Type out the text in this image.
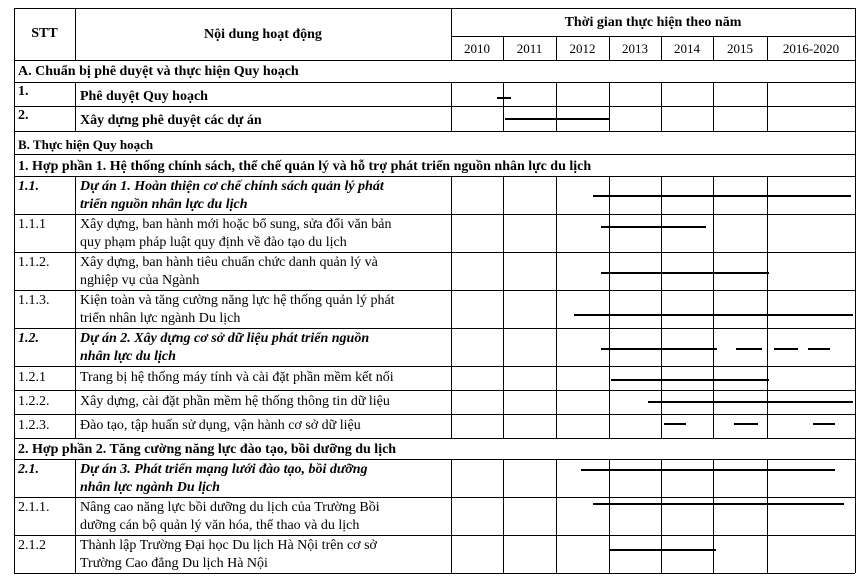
STT	Nội dung hoạt động
Thời gian thực hiện theo năm
2010	2011	2012	2013	2014	2015	2016-2020
A. Chuẩn bị phê duyệt và thực hiện Quy hoạch
1.	Phê duyệt Quy hoạch
2.	Xây dựng phê duyệt các dự án
B. Thực hiện Quy hoạch
1. Hợp phần 1. Hệ thống chính sách, thể chế quản lý và hỗ trợ phát triển nguồn nhân lực du lịch
1.1.	Dự án 1. Hoàn thiện cơ chế chính sách quản lý phát
triển nguồn nhân lực du lịch
1.1.1 Xây dựng, ban hành mới hoặc bổ sung, sửa đổi văn bản
quy phạm pháp luật quy định về đào tạo du lịch
1.1.2. Xây dựng, ban hành tiêu chuẩn chức danh quản lý và
nghiệp vụ của Ngành
1.1.3. Kiện toàn và tăng cường năng lực hệ thống quản lý phát
triển nhân lực ngành Du lịch
1.2.	Dự án 2. Xây dựng cơ sở dữ liệu phát triển nguồn
nhân lực du lịch
1.2.1 Trang bị hệ thống máy tính và cài đặt phần mềm kết nối
1.2.2. Xây dựng, cài đặt phần mềm hệ thống thông tin dữ liệu
1.2.3. Đào tạo, tập huấn sử dụng, vận hành cơ sở dữ liệu
2. Hợp phần 2. Tăng cường năng lực đào tạo, bồi dưỡng du lịch
2.1.	Dự án 3. Phát triển mạng lưới đào tạo, bồi dưỡng
nhân lực ngành Du lịch
2.1.1. Nâng cao năng lực bồi dưỡng du lịch của Trường Bồi
dưỡng cán bộ quản lý văn hóa, thể thao và du lịch
2.1.2 Thành lập Trường Đại học Du lịch Hà Nội trên cơ sở
Trường Cao đẳng Du lịch Hà Nội
